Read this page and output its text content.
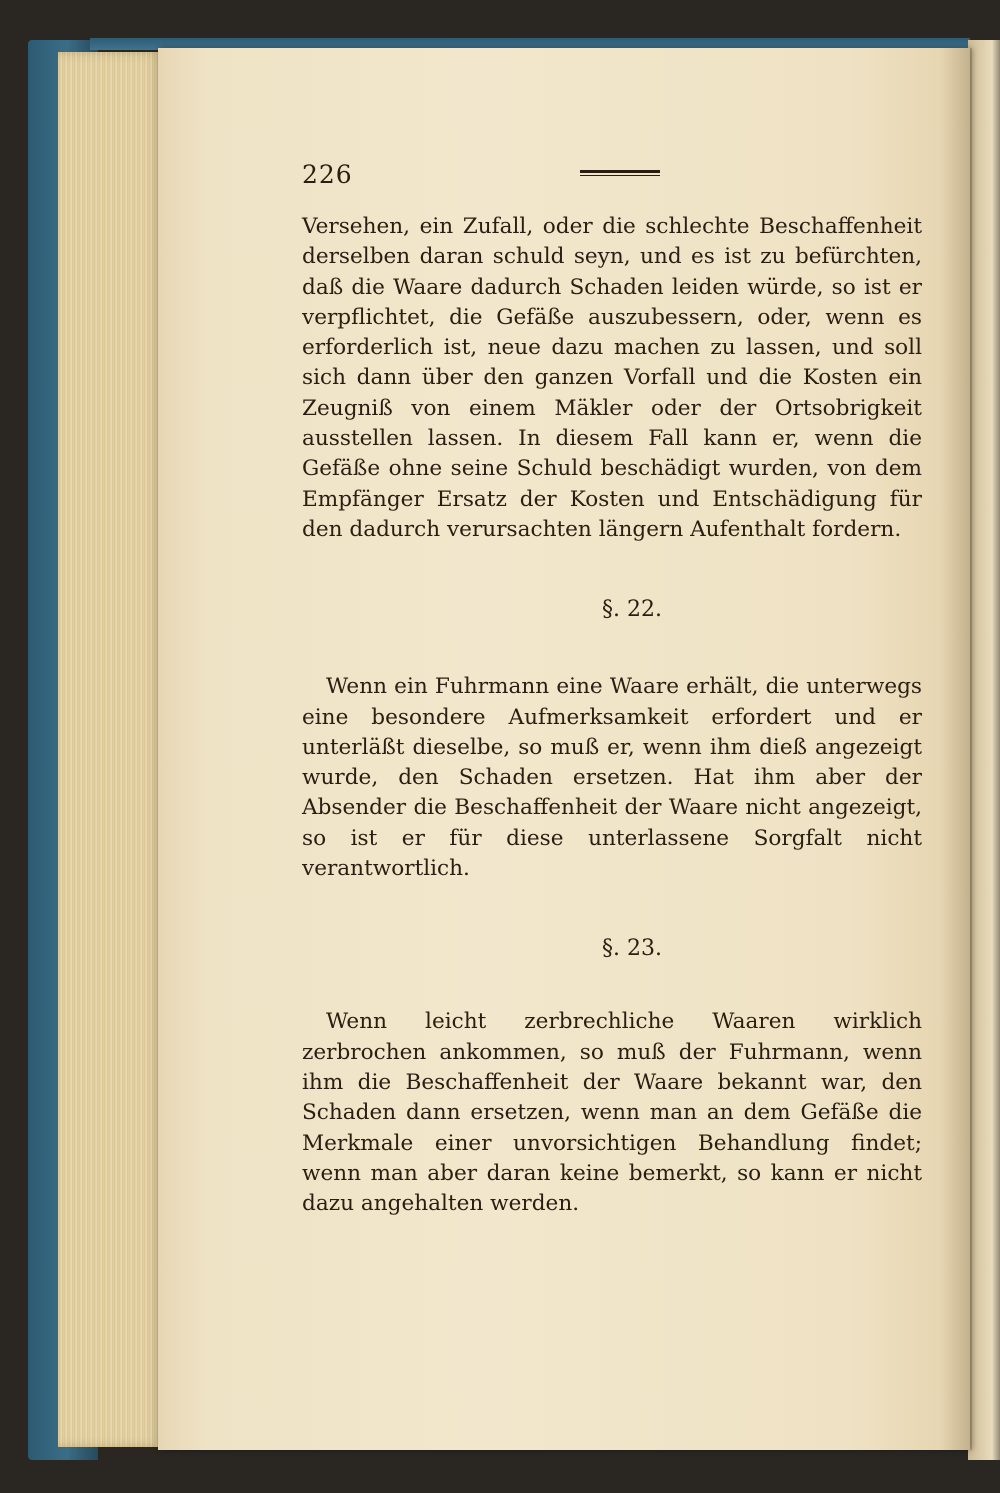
226

Versehen, ein Zufall, oder die schlechte Beschaffenheit derselben daran schuld seyn, und es ist zu befürchten, daß die Waare dadurch Schaden leiden würde, so ist er verpflichtet, die Gefäße auszubessern, oder, wenn es erforderlich ist, neue dazu machen zu lassen, und soll sich dann über den ganzen Vorfall und die Kosten ein Zeugniß von einem Mäkler oder der Ortsobrigkeit ausstellen lassen. In diesem Fall kann er, wenn die Gefäße ohne seine Schuld beschädigt wurden, von dem Empfänger Ersatz der Kosten und Entschädigung für den dadurch verursachten längern Aufenthalt fordern.

§. 22.

Wenn ein Fuhrmann eine Waare erhält, die unterwegs eine besondere Aufmerksamkeit erfordert und er unterläßt dieselbe, so muß er, wenn ihm dieß angezeigt wurde, den Schaden ersetzen. Hat ihm aber der Absender die Beschaffenheit der Waare nicht angezeigt, so ist er für diese unterlassene Sorgfalt nicht verantwortlich.

§. 23.

Wenn leicht zerbrechliche Waaren wirklich zerbrochen ankommen, so muß der Fuhrmann, wenn ihm die Beschaffenheit der Waare bekannt war, den Schaden dann ersetzen, wenn man an dem Gefäße die Merkmale einer unvorsichtigen Behandlung findet; wenn man aber daran keine bemerkt, so kann er nicht dazu angehalten werden.
